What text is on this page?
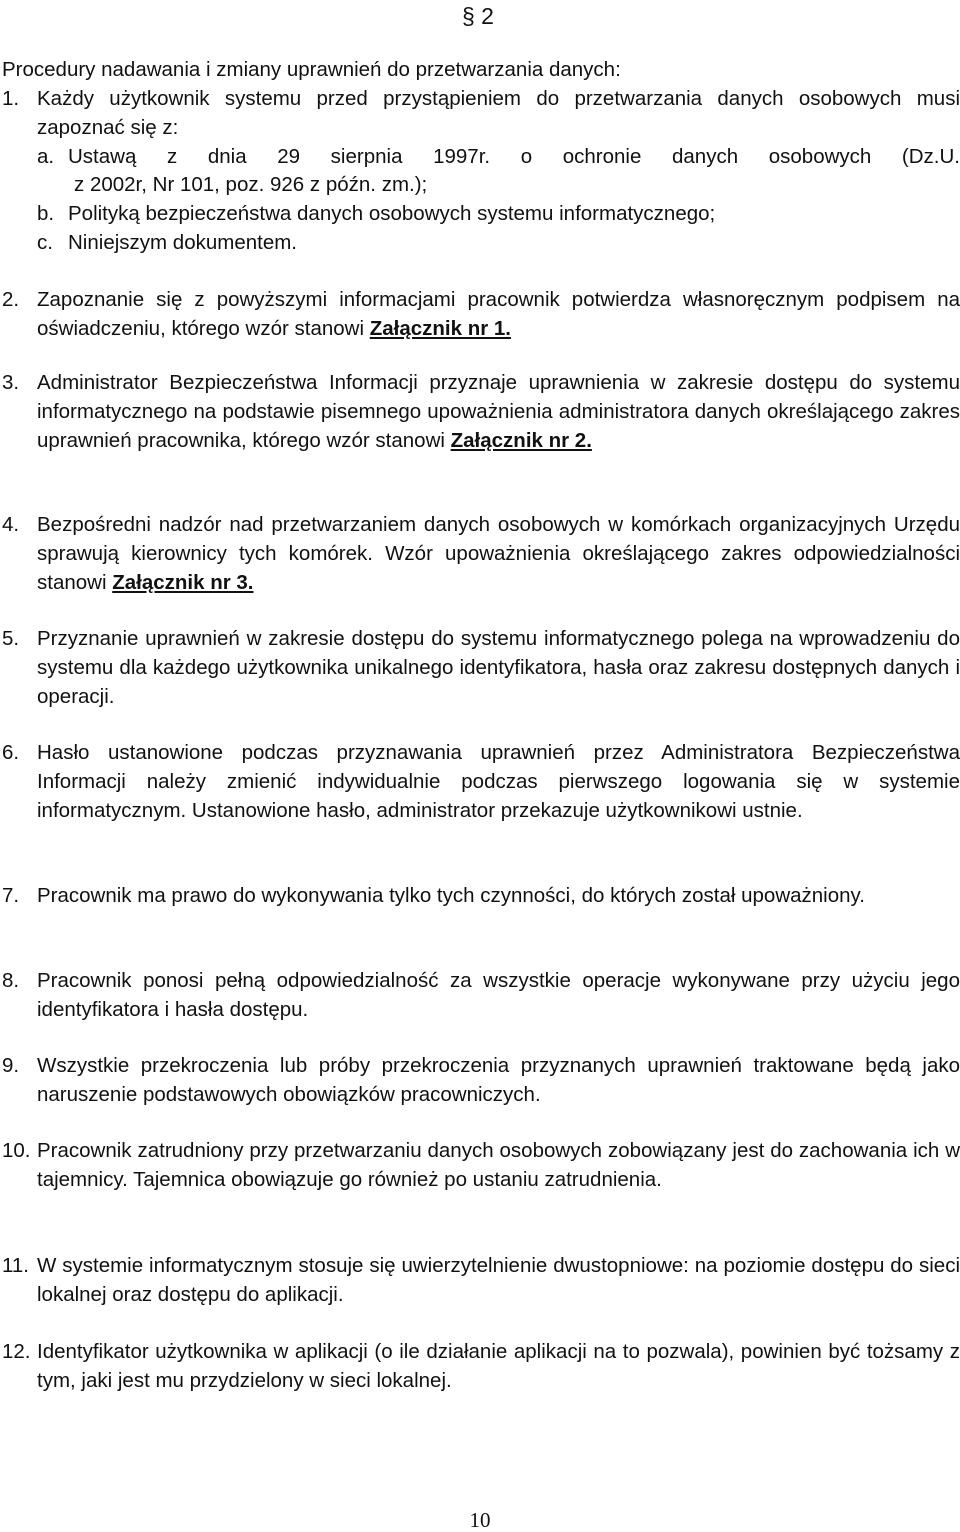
§ 2
Procedury nadawania i zmiany uprawnień do przetwarzania danych:
1. Każdy użytkownik systemu przed przystąpieniem do przetwarzania danych osobowych musi zapoznać się z:
a. Ustawą z dnia 29 sierpnia 1997r. o ochronie danych osobowych (Dz.U.
z 2002r, Nr 101, poz. 926 z późn. zm.);
b. Polityką bezpieczeństwa danych osobowych systemu informatycznego;
c. Niniejszym dokumentem.
2. Zapoznanie się z powyższymi informacjami pracownik potwierdza własnoręcznym podpisem na oświadczeniu, którego wzór stanowi Załącznik nr 1.
3. Administrator Bezpieczeństwa Informacji przyznaje uprawnienia w zakresie dostępu do systemu informatycznego na podstawie pisemnego upoważnienia administratora danych określającego zakres uprawnień pracownika, którego wzór stanowi Załącznik nr 2.
4. Bezpośredni nadzór nad przetwarzaniem danych osobowych w komórkach organizacyjnych Urzędu sprawują kierownicy tych komórek. Wzór upoważnienia określającego zakres odpowiedzialności stanowi Załącznik nr 3.
5. Przyznanie uprawnień w zakresie dostępu do systemu informatycznego polega na wprowadzeniu do systemu dla każdego użytkownika unikalnego identyfikatora, hasła oraz zakresu dostępnych danych i operacji.
6. Hasło ustanowione podczas przyznawania uprawnień przez Administratora Bezpieczeństwa Informacji należy zmienić indywidualnie podczas pierwszego logowania się w systemie informatycznym. Ustanowione hasło, administrator przekazuje użytkownikowi ustnie.
7. Pracownik ma prawo do wykonywania tylko tych czynności, do których został upoważniony.
8. Pracownik ponosi pełną odpowiedzialność za wszystkie operacje wykonywane przy użyciu jego identyfikatora i hasła dostępu.
9. Wszystkie przekroczenia lub próby przekroczenia przyznanych uprawnień traktowane będą jako naruszenie podstawowych obowiązków pracowniczych.
10. Pracownik zatrudniony przy przetwarzaniu danych osobowych zobowiązany jest do zachowania ich w tajemnicy. Tajemnica obowiązuje go również po ustaniu zatrudnienia.
11. W systemie informatycznym stosuje się uwierzytelnienie dwustopniowe: na poziomie dostępu do sieci lokalnej oraz dostępu do aplikacji.
12. Identyfikator użytkownika w aplikacji (o ile działanie aplikacji na to pozwala), powinien być tożsamy z tym, jaki jest mu przydzielony w sieci lokalnej.
10
